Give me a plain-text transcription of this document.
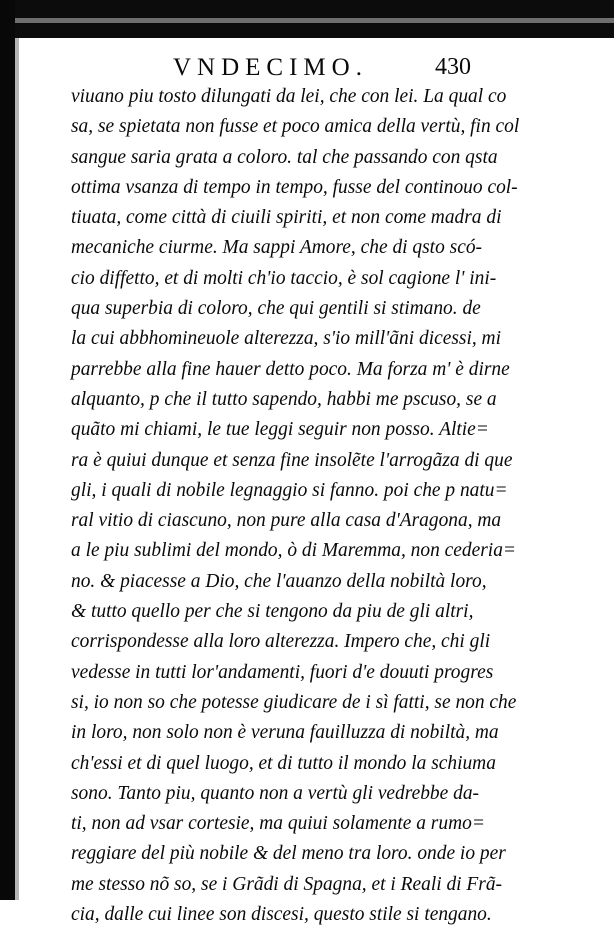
VNDECIMO.	430
viuano piu tosto dilungati da lei, che con lei. La qual co
sa, se spietata non fusse et poco amica della vertù, fin col
sangue saria grata a coloro. tal che passando con qsta
ottima vsanza di tempo in tempo, fusse del continouo col-
tiuata, come città di ciuili spiriti, et non come madra di
mecaniche ciurme. Ma sappi Amore, che di qsto scó-
cio diffetto, et di molti ch'io taccio, è sol cagione l' ini-
qua superbia di coloro, che qui gentili si stimano. de
la cui abbhomineuole alterezza, s'io mill'ãni dicessi, mi
parrebbe alla fine hauer detto poco. Ma forza m' è dirne
alquanto, p che il tutto sapendo, habbi me pscuso, se a
quãto mi chiami, le tue leggi seguir non posso. Altie=
ra è quiui dunque et senza fine insolẽte l'arrogãza di que
gli, i quali di nobile legnaggio si fanno. poi che p natu=
ral vitio di ciascuno, non pure alla casa d'Aragona, ma
a le piu sublimi del mondo, ò di Maremma, non cederia=
no. & piacesse a Dio, che l'auanzo della nobiltà loro,
& tutto quello per che si tengono da piu de gli altri,
corrispondesse alla loro alterezza. Impero che, chi gli
vedesse in tutti lor'andamenti, fuori d'e douuti progres
si, io non so che potesse giudicare de i sì fatti, se non che
in loro, non solo non è veruna fauilluzza di nobiltà, ma
ch'essi et di quel luogo, et di tutto il mondo la schiuma
sono. Tanto piu, quanto non a vertù gli vedrebbe da-
ti, non ad vsar cortesie, ma quiui solamente a rumo=
reggiare del più nobile & del meno tra loro. onde io per
me stesso nõ so, se i Grãdi di Spagna, et i Reali di Frã-
cia, dalle cui linee son discesi, questo stile si tengano.
